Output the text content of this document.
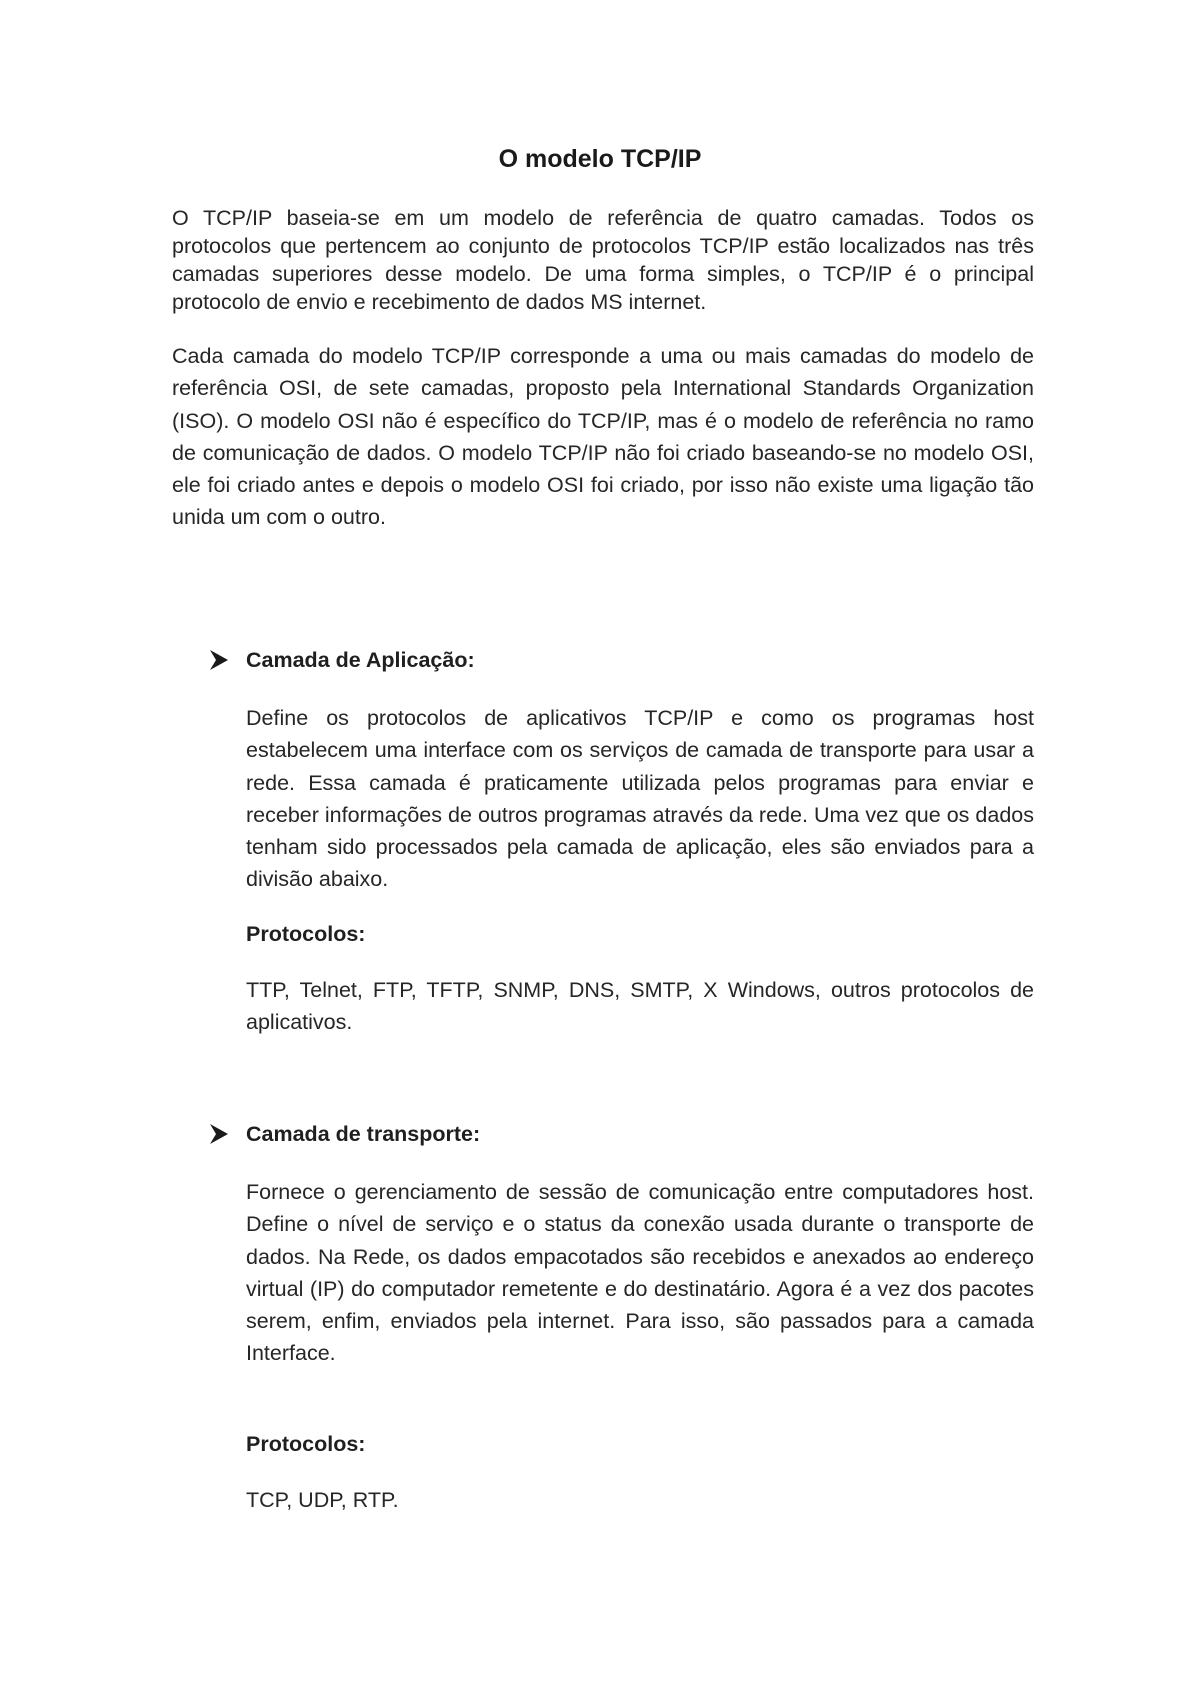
O modelo TCP/IP

O TCP/IP baseia-se em um modelo de referência de quatro camadas. Todos os protocolos que pertencem ao conjunto de protocolos TCP/IP estão localizados nas três camadas superiores desse modelo. De uma forma simples, o TCP/IP é o principal protocolo de envio e recebimento de dados MS internet.

Cada camada do modelo TCP/IP corresponde a uma ou mais camadas do modelo de referência OSI, de sete camadas, proposto pela International Standards Organization (ISO). O modelo OSI não é específico do TCP/IP, mas é o modelo de referência no ramo de comunicação de dados. O modelo TCP/IP não foi criado baseando-se no modelo OSI, ele foi criado antes e depois o modelo OSI foi criado, por isso não existe uma ligação tão unida um com o outro.

Camada de Aplicação:

Define os protocolos de aplicativos TCP/IP e como os programas host estabelecem uma interface com os serviços de camada de transporte para usar a rede. Essa camada é praticamente utilizada pelos programas para enviar e receber informações de outros programas através da rede. Uma vez que os dados tenham sido processados pela camada de aplicação, eles são enviados para a divisão abaixo.

Protocolos:

TTP, Telnet, FTP, TFTP, SNMP, DNS, SMTP, X Windows, outros protocolos de aplicativos.

Camada de transporte:

Fornece o gerenciamento de sessão de comunicação entre computadores host. Define o nível de serviço e o status da conexão usada durante o transporte de dados. Na Rede, os dados empacotados são recebidos e anexados ao endereço virtual (IP) do computador remetente e do destinatário. Agora é a vez dos pacotes serem, enfim, enviados pela internet. Para isso, são passados para a camada Interface.

Protocolos:

TCP, UDP, RTP.
